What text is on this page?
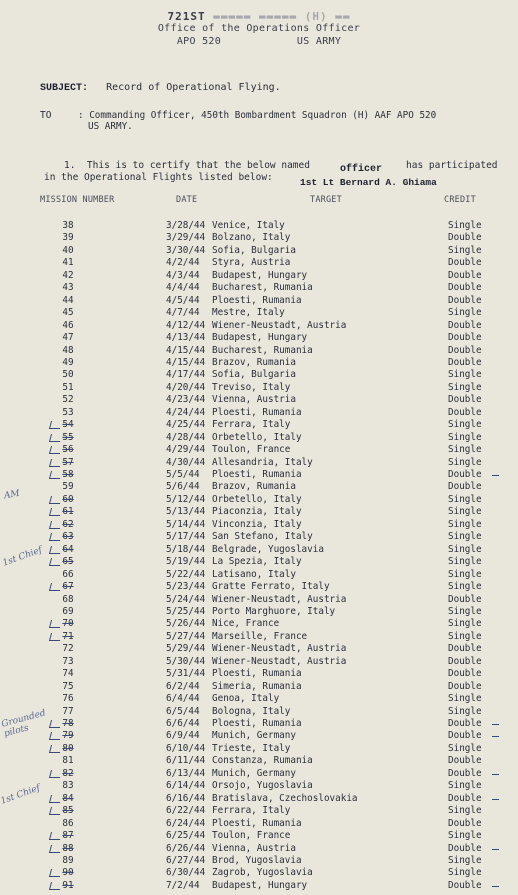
721ST ▬▬▬▬▬ ▬▬▬▬▬ (H) ▬▬
Office of the Operations Officer
APO 520	US ARMY
SUBJECT: Record of Operational Flying.
TO	: Commanding Officer, 450th Bombardment Squadron (H) AAF APO 520
US ARMY.
1. This is to certify that the below named	officer	has participated
in the Operational Flights listed below:	1st Lt Bernard A. Ghiama
MISSION NUMBER	DATE	TARGET	CREDIT
38	3/28/44 Venice, Italy	Single
39	3/29/44 Bolzano, Italy	Double
40	3/30/44 Sofia, Bulgaria	Single
41	4/2/44 Styra, Austria	Double
42	4/3/44 Budapest, Hungary	Double
43	4/4/44 Bucharest, Rumania	Double
44	4/5/44 Ploesti, Rumania	Double
45	4/7/44 Mestre, Italy	Single
46	4/12/44 Wiener-Neustadt, Austria	Double
47	4/13/44 Budapest, Hungary	Double
48	4/15/44 Bucharest, Rumania	Double
49	4/15/44 Brazov, Rumania	Double
50	4/17/44 Sofia, Bulgaria	Single
51	4/20/44 Treviso, Italy	Single
52	4/23/44 Vienna, Austria	Double
53	4/24/44 Ploesti, Rumania	Double
54	4/25/44 Ferrara, Italy	Single
55	4/28/44 Orbetello, Italy	Single
56	4/29/44 Toulon, France	Single
57	4/30/44 Allesandria, Italy	Single
58	5/5/44 Ploesti, Rumania	Double
59	5/6/44 Brazov, Rumania	Double
60	5/12/44 Orbetello, Italy	Single
61	5/13/44 Piaconzia, Italy	Single
62	5/14/44 Vinconzia, Italy	Single
63	5/17/44 San Stefano, Italy	Single
64	5/18/44 Belgrade, Yugoslavia	Single
65	5/19/44 La Spezia, Italy	Single
66	5/22/44 Latisano, Italy	Single
67	5/23/44 Gratte Ferrato, Italy	Single
68	5/24/44 Wiener-Neustadt, Austria	Double
69	5/25/44 Porto Marghuore, Italy	Single
70	5/26/44 Nice, France	Single
71	5/27/44 Marseille, France	Single
72	5/29/44 Wiener-Neustadt, Austria	Double
73	5/30/44 Wiener-Neustadt, Austria	Double
74	5/31/44 Ploesti, Rumania	Double
75	6/2/44 Simeria, Rumania	Double
76	6/4/44 Genoa, Italy	Single
77	6/5/44 Bologna, Italy	Single
78	6/6/44 Ploesti, Rumania	Double
79	6/9/44 Munich, Germany	Double
80	6/10/44 Trieste, Italy	Single
81	6/11/44 Constanza, Rumania	Double
82	6/13/44 Munich, Germany	Double
83	6/14/44 Orsojo, Yugoslavia	Single
84	6/16/44 Bratislava, Czechoslovakia	Double
85	6/22/44 Ferrara, Italy	Single
86	6/24/44 Ploesti, Rumania	Double
87	6/25/44 Toulon, France	Single
88	6/26/44 Vienna, Austria	Double
89	6/27/44 Brod, Yugoslavia	Single
90	6/30/44 Zagrob, Yugoslavia	Single
91	7/2/44 Budapest, Hungary	Double
AM
1st Chief
Grounded pilots
1st Chief
